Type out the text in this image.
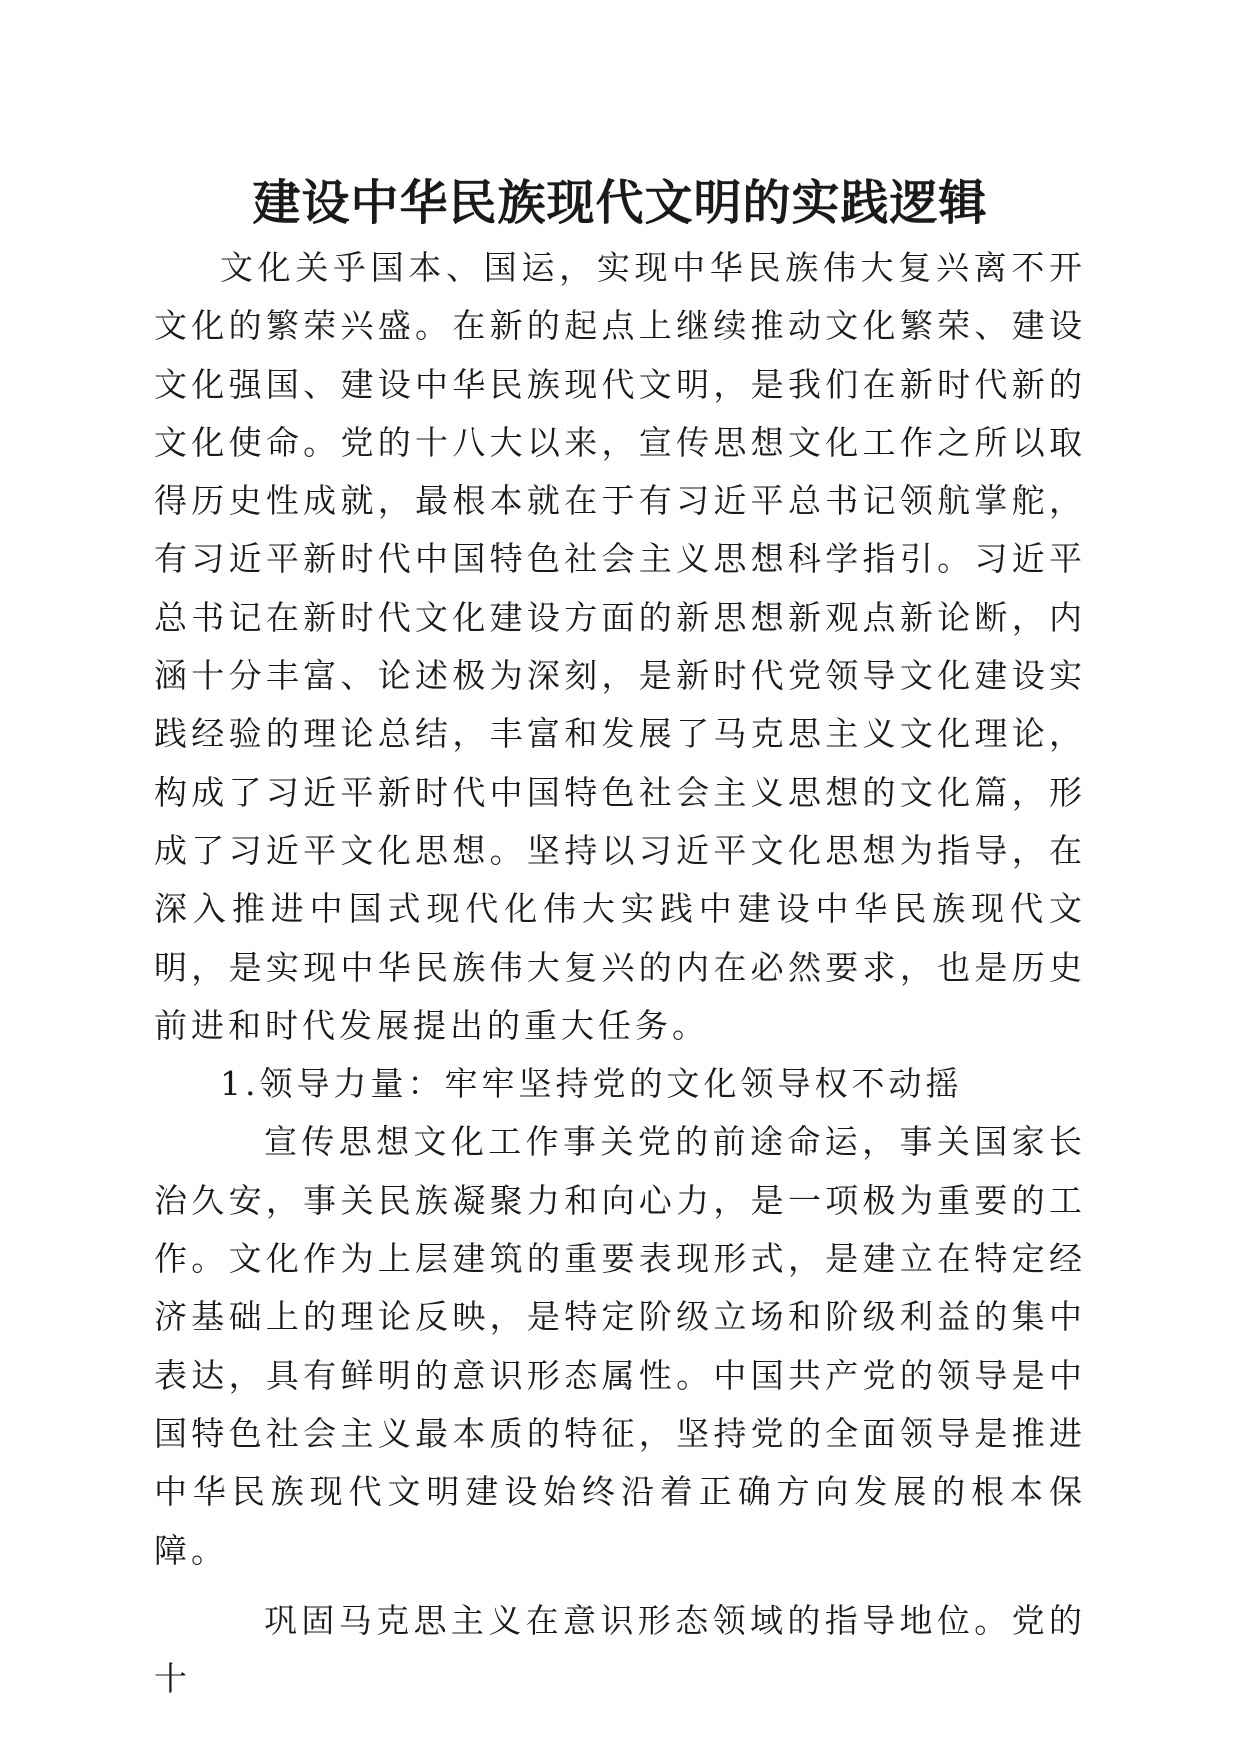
建设中华民族现代文明的实践逻辑

文化关乎国本、国运，实现中华民族伟大复兴离不开文化的繁荣兴盛。在新的起点上继续推动文化繁荣、建设文化强国、建设中华民族现代文明，是我们在新时代新的文化使命。党的十八大以来，宣传思想文化工作之所以取得历史性成就，最根本就在于有习近平总书记领航掌舵，有习近平新时代中国特色社会主义思想科学指引。习近平总书记在新时代文化建设方面的新思想新观点新论断，内涵十分丰富、论述极为深刻，是新时代党领导文化建设实践经验的理论总结，丰富和发展了马克思主义文化理论，构成了习近平新时代中国特色社会主义思想的文化篇，形成了习近平文化思想。坚持以习近平文化思想为指导，在深入推进中国式现代化伟大实践中建设中华民族现代文明，是实现中华民族伟大复兴的内在必然要求，也是历史前进和时代发展提出的重大任务。

1.领导力量：牢牢坚持党的文化领导权不动摇

宣传思想文化工作事关党的前途命运，事关国家长治久安，事关民族凝聚力和向心力，是一项极为重要的工作。文化作为上层建筑的重要表现形式，是建立在特定经济基础上的理论反映，是特定阶级立场和阶级利益的集中表达，具有鲜明的意识形态属性。中国共产党的领导是中国特色社会主义最本质的特征，坚持党的全面领导是推进中华民族现代文明建设始终沿着正确方向发展的根本保障。

巩固马克思主义在意识形态领域的指导地位。党的十
